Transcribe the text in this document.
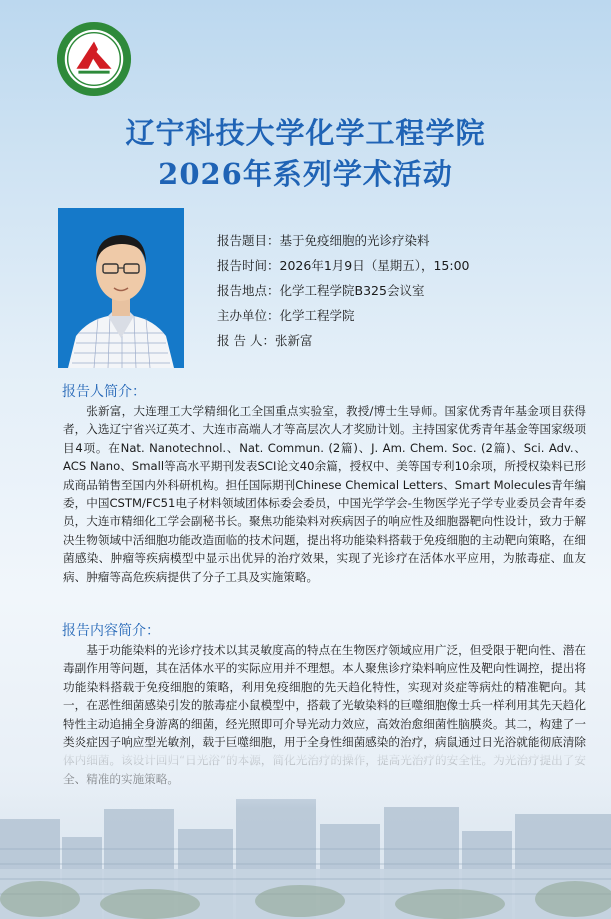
辽宁科技大学化学工程学院
2026年系列学术活动
报告题目：基于免疫细胞的光诊疗染料
报告时间：2026年1月9日（星期五），15:00
报告地点：化学工程学院B325会议室
主办单位：化学工程学院
报 告 人：张新富
报告人简介：
张新富，大连理工大学精细化工全国重点实验室，教授/博士生导师。国家优秀青年基金项目获得者，入选辽宁省兴辽英才、大连市高端人才等高层次人才奖励计划。主持国家优秀青年基金等国家级项目4项。在Nat. Nanotechnol.、Nat. Commun. (2篇)、J. Am. Chem. Soc. (2篇)、Sci. Adv.、ACS Nano、Small等高水平期刊发表SCI论文40余篇，授权中、美等国专利10余项，所授权染料已形成商品销售至国内外科研机构。担任国际期刊Chinese Chemical Letters、Smart Molecules青年编委，中国CSTM/FC51电子材料领域团体标委会委员，中国光学学会-生物医学光子学专业委员会青年委员，大连市精细化工学会副秘书长。聚焦功能染料对疾病因子的响应性及细胞器靶向性设计，致力于解决生物领域中活细胞功能改造面临的技术问题，提出将功能染料搭载于免疫细胞的主动靶向策略，在细菌感染、肿瘤等疾病模型中显示出优异的治疗效果，实现了光诊疗在活体水平应用，为脓毒症、血友病、肿瘤等高危疾病提供了分子工具及实施策略。
报告内容简介：
基于功能染料的光诊疗技术以其灵敏度高的特点在生物医疗领域应用广泛，但受限于靶向性、潜在毒副作用等问题，其在活体水平的实际应用并不理想。本人聚焦诊疗染料响应性及靶向性调控，提出将功能染料搭载于免疫细胞的策略，利用免疫细胞的先天趋化特性，实现对炎症等病灶的精准靶向。其一，在恶性细菌感染引发的脓毒症小鼠模型中，搭载了光敏染料的巨噬细胞像士兵一样利用其先天趋化特性主动追捕全身游离的细菌，经光照即可介导光动力效应，高效治愈细菌性脑膜炎。其二，构建了一类炎症因子响应型光敏剂，载于巨噬细胞，用于全身性细菌感染的治疗，病鼠通过日光浴就能彻底清除
